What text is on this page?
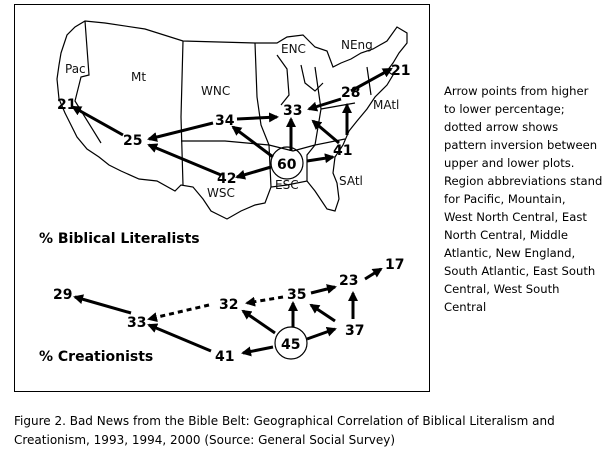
Pac
Mt
WNC
ENC	NEng
MAtl
SAtl
ESC
WSC
21
25
34
33
28
21
41
60
42
% Biblical Literalists
29
33
32
35
23
17
37
45
41
% Creationists
Arrow points from higher
to lower percentage;
dotted arrow shows
pattern inversion between
upper and lower plots.
Region abbreviations stand
for Pacific, Mountain,
West North Central, East
North Central, Middle
Atlantic, New England,
South Atlantic, East South
Central, West South
Central
Figure 2. Bad News from the Bible Belt: Geographical Correlation of Biblical Literalism and
Creationism, 1993, 1994, 2000 (Source: General Social Survey)
